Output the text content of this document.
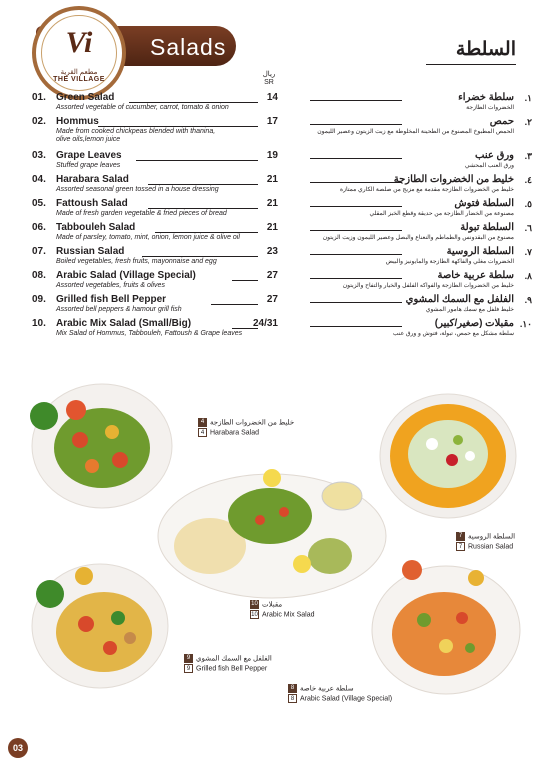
Vi
مطعم القرية
THE VILLAGE
Salads	السلطة
ريال
SR
01. Green Salad	14
Assorted vegetable of cucumber, carrot, tomato & onion
02. Hommus	17
Made from cooked chickpeas blended with thanina,
olive oils,lemon juice
03. Grape Leaves	19
Stuffed grape leaves
04. Harabara Salad	21
Assorted seasonal green tossed in a house dressing
05. Fattoush Salad	21
Made of fresh garden vegetable & fried pieces of bread
06. Tabbouleh Salad	21
Made of parsley, tomato, mint, onion, lemon juice & olive oil
07. Russian Salad	23
Boiled vegetables, fresh fruits, mayonnaise and egg
08. Arabic Salad (Village Special)	27
Assorted vegetables, fruits & olives
09. Grilled fish Bell Pepper	27
Assorted bell peppers & hamour grill fish
10. Arabic Mix Salad (Small/Big)	24/31
Mix Salad of Hommus, Tabbouleh, Fattoush & Grape leaves
١.
سلطة خضراء
الخضروات الطازجة
٢.
حمص
الحمص المطبوخ المصنوع من الطحينة المخلوطة مع زيت الزيتون وعصير الليمون
٣.
ورق عنب
ورق العنب المحشي
٤.
خليط من الخضروات الطازجة
خليط من الخضروات الطازجة مقدمة مع مزيج من صلصة الكاري ممتازة
٥.
السلطة فتوش
مصنوعة من الخضار الطازجة من حديقة وقطع الخبز المقلي
٦.
السلطة تبولة
مصنوع من البقدونس والطماطم والنعناع والبصل وعصير الليمون وزيت الزيتون
٧.
السلطة الروسية
الخضروات مغلي والفاكهة الطازجة والمايونيز والبيض
٨.
سلطة عربية خاصة
خليط من الخضروات الطازجة والفواكه الفلفل والخيار والتفاح والزيتون
٩.
الفلفل مع السمك المشوي
خليط فلفل مع سمك هامور المشوي
١٠.
مقبلات (صغير/كبير)
سلطة مشكل مع حمص، تبولة، فتوش و ورق عنب
4 خليط من الخضروات الطازجة
4 Harabara Salad
7 السلطة الروسية
7 Russian Salad
10 مقبلات
10 Arabic Mix Salad
9 الفلفل مع السمك المشوي
9 Grilled fish Bell Pepper
8 سلطة عربية خاصة
8 Arabic Salad (Village Special)
03
